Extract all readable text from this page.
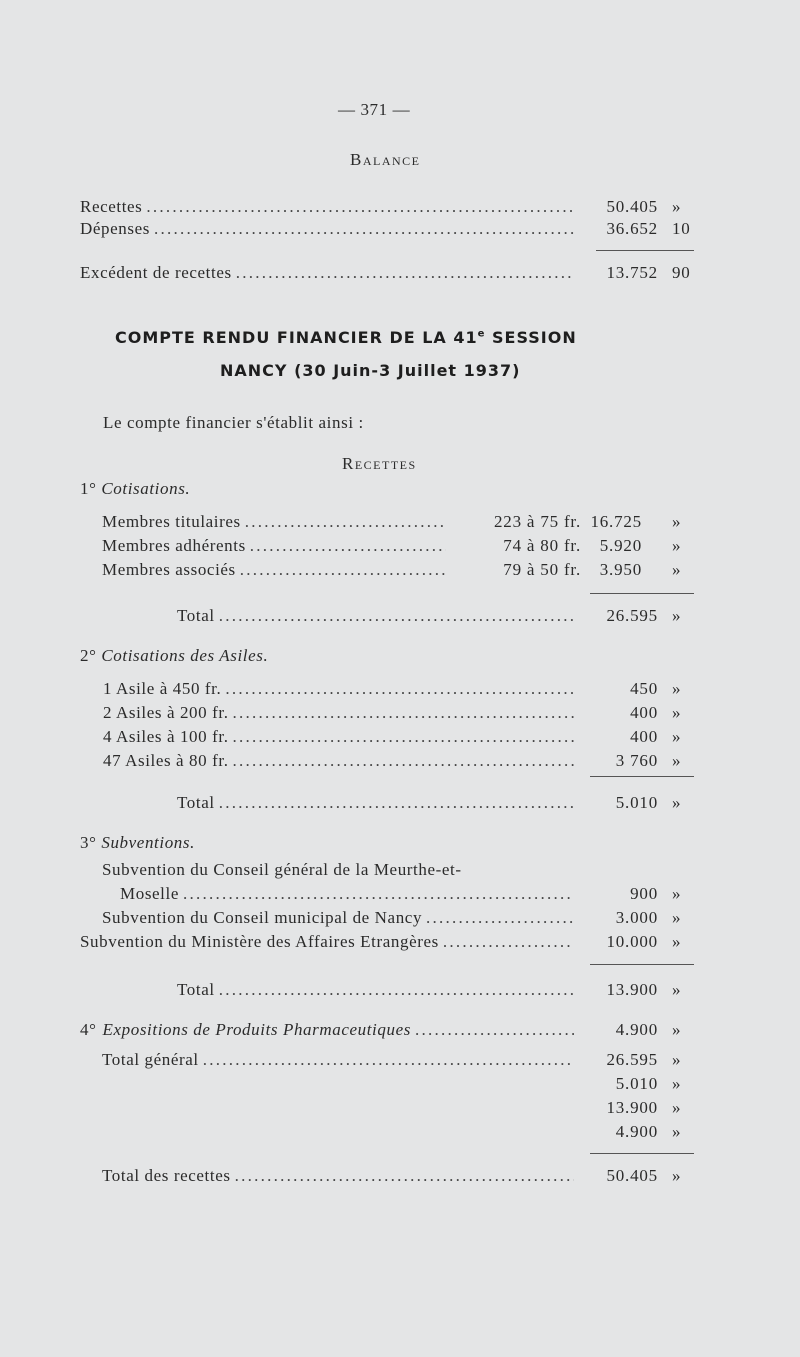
— 371 —
Balance
Recettes . . .	50.405 »
Dépenses . . .	36.652 10
Excédent de recettes . . .	13.752 90
COMPTE RENDU FINANCIER DE LA 41e SESSION
NANCY (30 Juin-3 Juillet 1937)
Le compte financier s'établit ainsi :
Recettes
1° Cotisations.
Membres titulaires . . .	223 à 75 fr. 16.725 »
Membres adhérents . . .	74 à 80 fr.	5.920 »
Membres associés . . .	79 à 50 fr.	3.950 »
Total . . .	26.595 »
2° Cotisations des Asiles.
1 Asile à 450 fr. . . .	450 »
2 Asiles à 200 fr. . . .	400 »
4 Asiles à 100 fr. . . .	400 »
47 Asiles à 80 fr. . . .	3 760 »
Total . . .	5.010 »
3° Subventions.
Subvention du Conseil général de la Meurthe-et-
Moselle . . .	900 »
Subvention du Conseil municipal de Nancy . . .	3.000 »
Subvention du Ministère des Affaires Etrangères . . .	10.000 »
Total . . .	13.900 »
4° Expositions de Produits Pharmaceutiques . . .	4.900 »
Total général . . .	26.595 »
5.010 »
13.900 »
4.900 »
Total des recettes . . .	50.405 »
